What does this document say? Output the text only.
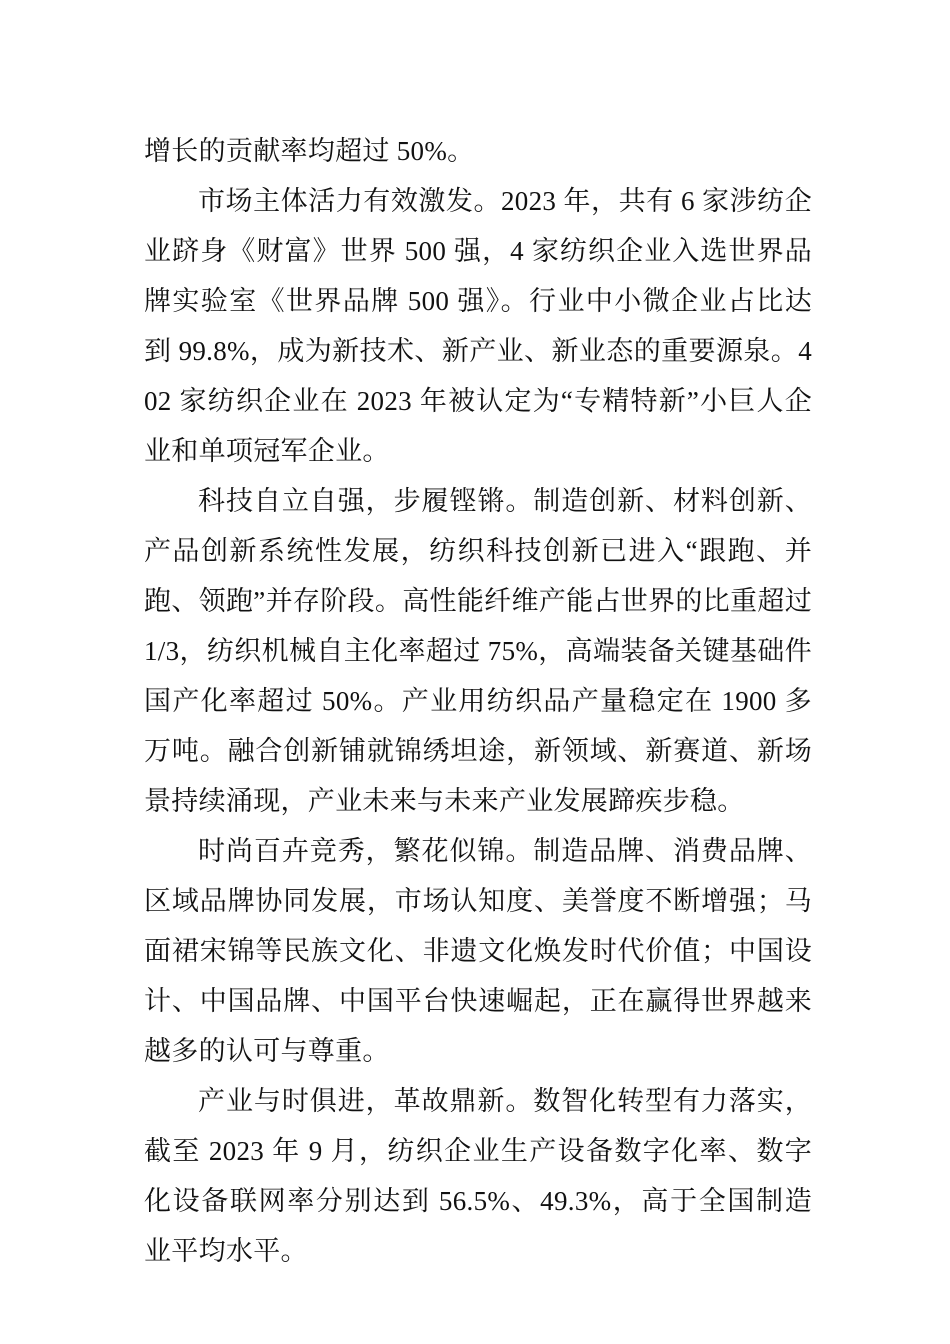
增长的贡献率均超过 50%。

市场主体活力有效激发。2023 年，共有 6 家涉纺企业跻身《财富》世界 500 强，4 家纺织企业入选世界品牌实验室《世界品牌 500 强》。行业中小微企业占比达到 99.8%，成为新技术、新产业、新业态的重要源泉。402 家纺织企业在 2023 年被认定为“专精特新”小巨人企业和单项冠军企业。

科技自立自强，步履铿锵。制造创新、材料创新、产品创新系统性发展，纺织科技创新已进入“跟跑、并跑、领跑”并存阶段。高性能纤维产能占世界的比重超过 1/3，纺织机械自主化率超过 75%，高端装备关键基础件国产化率超过 50%。产业用纺织品产量稳定在 1900 多万吨。融合创新铺就锦绣坦途，新领域、新赛道、新场景持续涌现，产业未来与未来产业发展蹄疾步稳。

时尚百卉竞秀，繁花似锦。制造品牌、消费品牌、区域品牌协同发展，市场认知度、美誉度不断增强；马面裙宋锦等民族文化、非遗文化焕发时代价值；中国设计、中国品牌、中国平台快速崛起，正在赢得世界越来越多的认可与尊重。

产业与时俱进，革故鼎新。数智化转型有力落实，截至 2023 年 9 月，纺织企业生产设备数字化率、数字化设备联网率分别达到 56.5%、49.3%，高于全国制造业平均水平。
